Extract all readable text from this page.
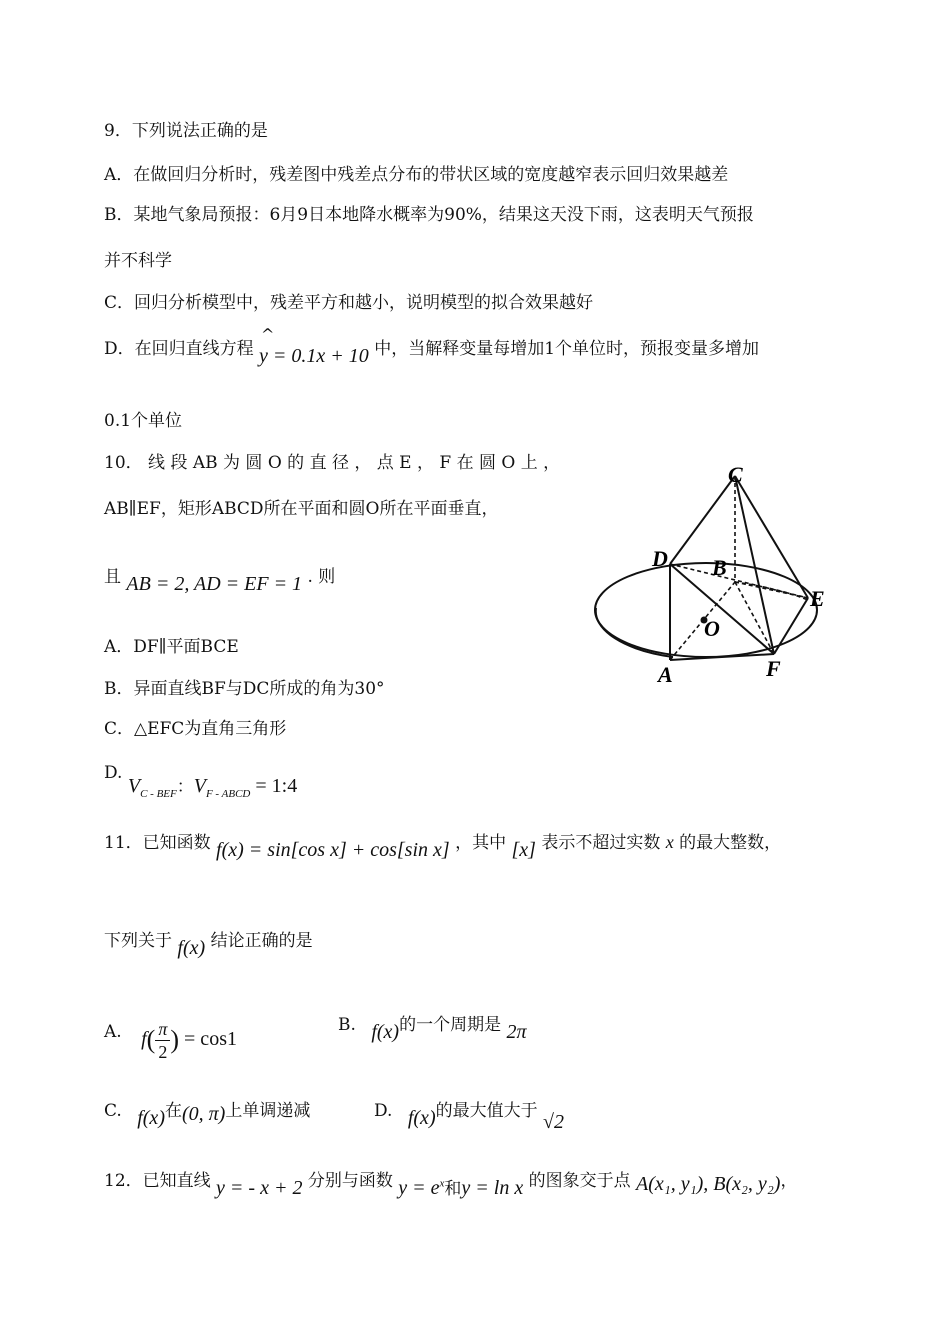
9．下列说法正确的是
A．在做回归分析时，残差图中残差点分布的带状区域的宽度越窄表示回归效果越差
B．某地气象局预报：6月9日本地降水概率为90%，结果这天没下雨，这表明天气预报
并不科学
C．回归分析模型中，残差平方和越小，说明模型的拟合效果越好
D．在回归直线方程
^
y = 0.1x + 10 中，当解释变量每增加1个单位时，预报变量多增加
0.1个单位
10． 线 段 AB 为 圆 O 的 直 径 ， 点 E ， F 在 圆 O 上 ，
AB∥EF，矩形ABCD所在平面和圆O所在平面垂直，
且 AB = 2, AD = EF = 1 . 则
A．DF∥平面BCE
B．异面直线BF与DC所成的角为30°
C．△EFC为直角三角形
D. $V_{C - BEF}$：$V_{F - ABCD}$ = 1:4
C
D B
E
O
A	F
11．已知函数 f(x) = sin[cos x] + cos[sin x] ，其中 [x] 表示不超过实数 x 的最大整数，
下列关于 f(x) 结论正确的是
A. $f( \frac{\pi}{2}$ ) = cos1
B. f(x)的一个周期是 2π
C. f(x)在(0, π)上单调递减	D. f(x)的最大值大于 √2
12．已知直线 y = - x + 2 分别与函数 $y = e^x$和y = ln x 的图象交于点 A(x₁, y₁), B(x₂, y₂)，
